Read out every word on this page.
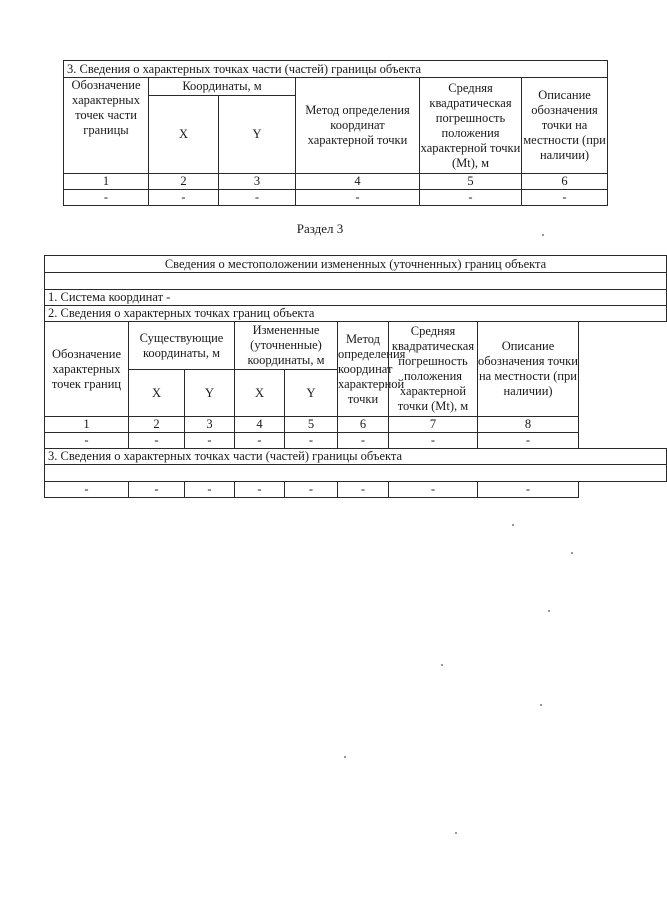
3. Сведения о характерных точках части (частей) границы объекта					
Обозначение характерных точек части границы	Координаты, м		Метод определения координат характерной точки	Средняя квадратическая погрешность положения характерной точки (Mt), м	Описание обозначения точки на местности (при наличии)
	X	Y			
1	2	3	4	5	6
-	-	-	-	-	-
Раздел 3
Сведения о местоположении измененных (уточненных) границ объекта							

1. Система координат -							
2. Сведения о характерных точках границ объекта							
Обозначение характерных точек границ	Существующие координаты, м		Измененные (уточненные) координаты, м		Метод определения координат характерной точки	Средняя квадратическая погрешность положения характерной точки (Mt), м	Описание обозначения точки на местности (при наличии)
	X	Y	X	Y			
1	2	3	4	5	6	7	8
-	-	-	-	-	-	-	-
3. Сведения о характерных точках части (частей) границы объекта							

-	-	-	-	-	-	-	-
